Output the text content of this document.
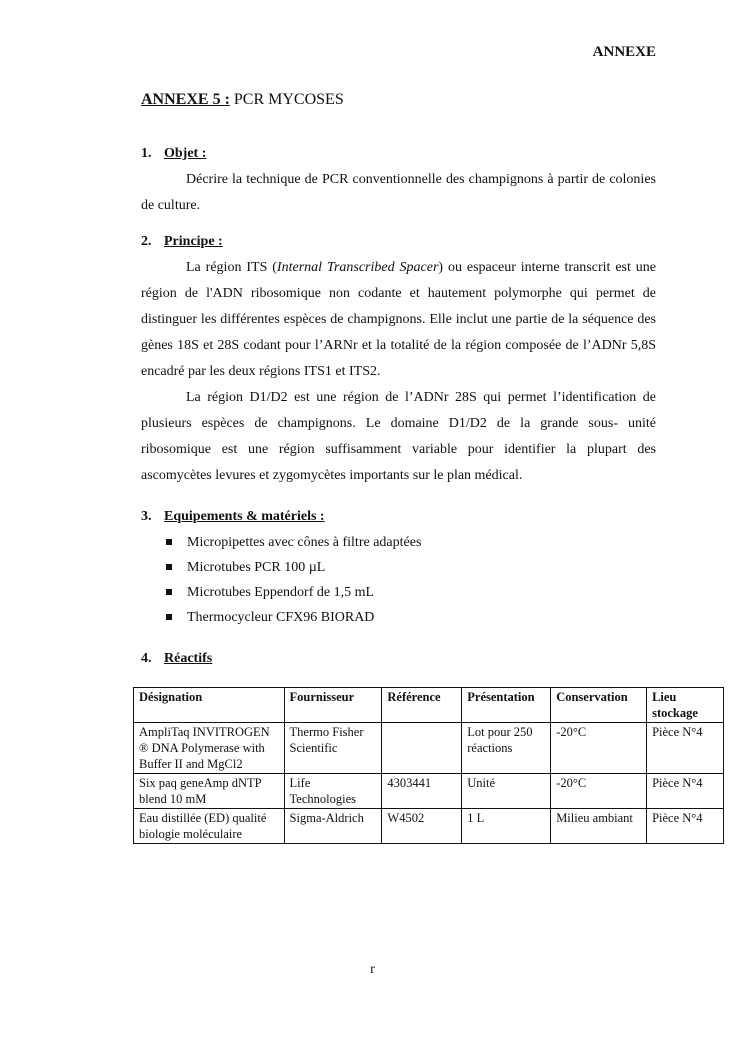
ANNEXE
ANNEXE 5 : PCR MYCOSES
1. Objet :

Décrire la technique de PCR conventionnelle des champignons à partir de colonies de culture.

2. Principe :

La région ITS (Internal Transcribed Spacer) ou espaceur interne transcrit est une région de l'ADN ribosomique non codante et hautement polymorphe qui permet de distinguer les différentes espèces de champignons. Elle inclut une partie de la séquence des gènes 18S et 28S codant pour l’ARNr et la totalité de la région composée de l’ADNr 5,8S encadré par les deux régions ITS1 et ITS2.

La région D1/D2 est une région de l’ADNr 28S qui permet l’identification de plusieurs espèces de champignons. Le domaine D1/D2 de la grande sous- unité ribosomique est une région suffisamment variable pour identifier la plupart des ascomycètes levures et zygomycètes importants sur le plan médical.

3. Equipements & matériels :
Micropipettes avec cônes à filtre adaptées
Microtubes PCR 100 µL
Microtubes Eppendorf de 1,5 mL
Thermocycleur CFX96 BIORAD
4. Réactifs
Désignation	Fournisseur	Référence	Présentation	Conservation	Lieu stockage
AmpliTaq INVITROGEN ® DNA Polymerase with Buffer II and MgCl2	Thermo Fisher Scientific		Lot pour 250 réactions	-20°C	Pièce N°4
Six paq geneAmp dNTP blend 10 mM	Life Technologies	4303441	Unité	-20°C	Pièce N°4
Eau distillée (ED) qualité biologie moléculaire	Sigma-Aldrich	W4502	1 L	Milieu ambiant	Pièce N°4
r
